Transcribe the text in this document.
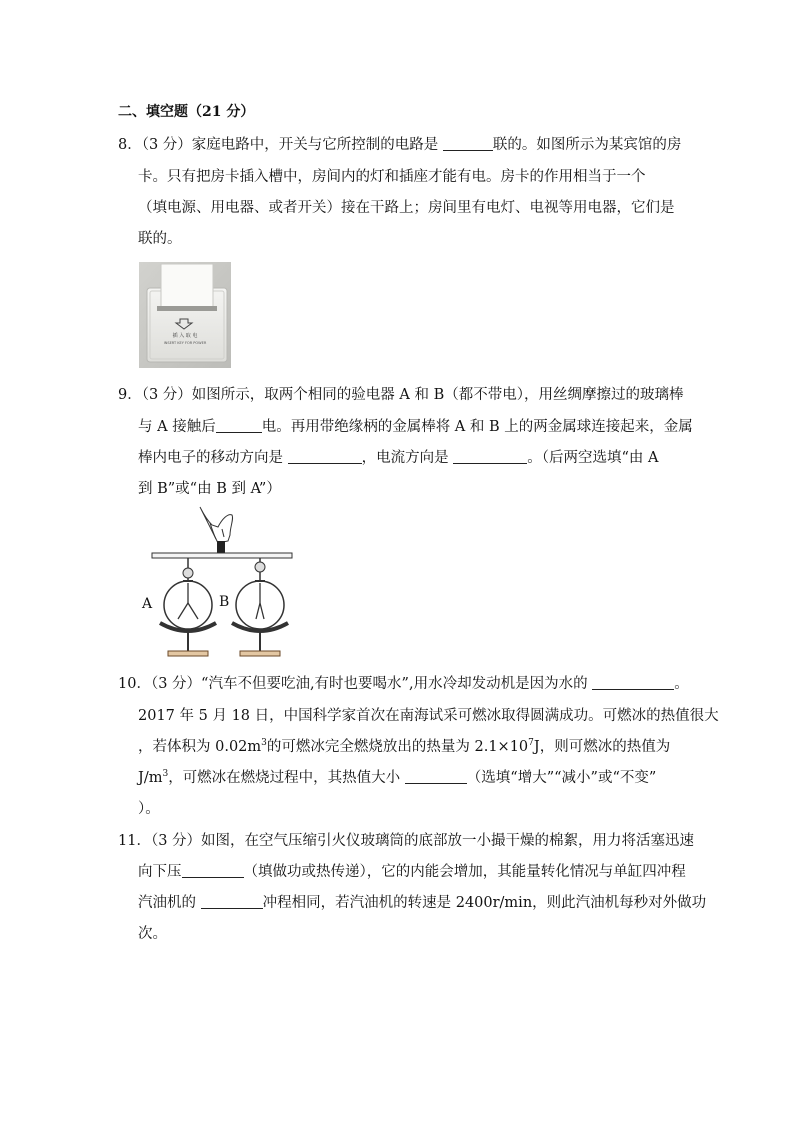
二、填空题（21 分）
8．（3 分）家庭电路中，开关与它所控制的电路是	联的。如图所示为某宾馆的房
卡。只有把房卡插入槽中，房间内的灯和插座才能有电。房卡的作用相当于一个
（填电源、用电器、或者开关）接在干路上；房间里有电灯、电视等用电器，它们是
联的。
插 入 取 电
INSERT KEY FOR POWER
9．（3 分）如图所示，取两个相同的验电器 A 和 B（都不带电），用丝绸摩擦过的玻璃棒
与 A 接触后	电。再用带绝缘柄的金属棒将 A 和 B 上的两金属球连接起来，金属
棒内电子的移动方向是	，电流方向是	。（后两空选填“由 A
到 B”或“由 B 到 A”）
A	B
10．（3 分）“汽车不但要吃油,有时也要喝水”,用水冷却发动机是因为水的	。
2017 年 5 月 18 日，中国科学家首次在南海试采可燃冰取得圆满成功。可燃冰的热值很大
，若体积为 $0.02m^3$的可燃冰完全燃烧放出的热量为 $2.1\times 10^7J$，则可燃冰的热值为
$J/m^3$，可燃冰在燃烧过程中，其热值大小	（选填“增大”“减小”或“不变”
）。
11．（3 分）如图，在空气压缩引火仪玻璃筒的底部放一小撮干燥的棉絮，用力将活塞迅速
向下压	（填做功或热传递），它的内能会增加，其能量转化情况与单缸四冲程
汽油机的	冲程相同，若汽油机的转速是 2400r/min，则此汽油机每秒对外做功
次。
